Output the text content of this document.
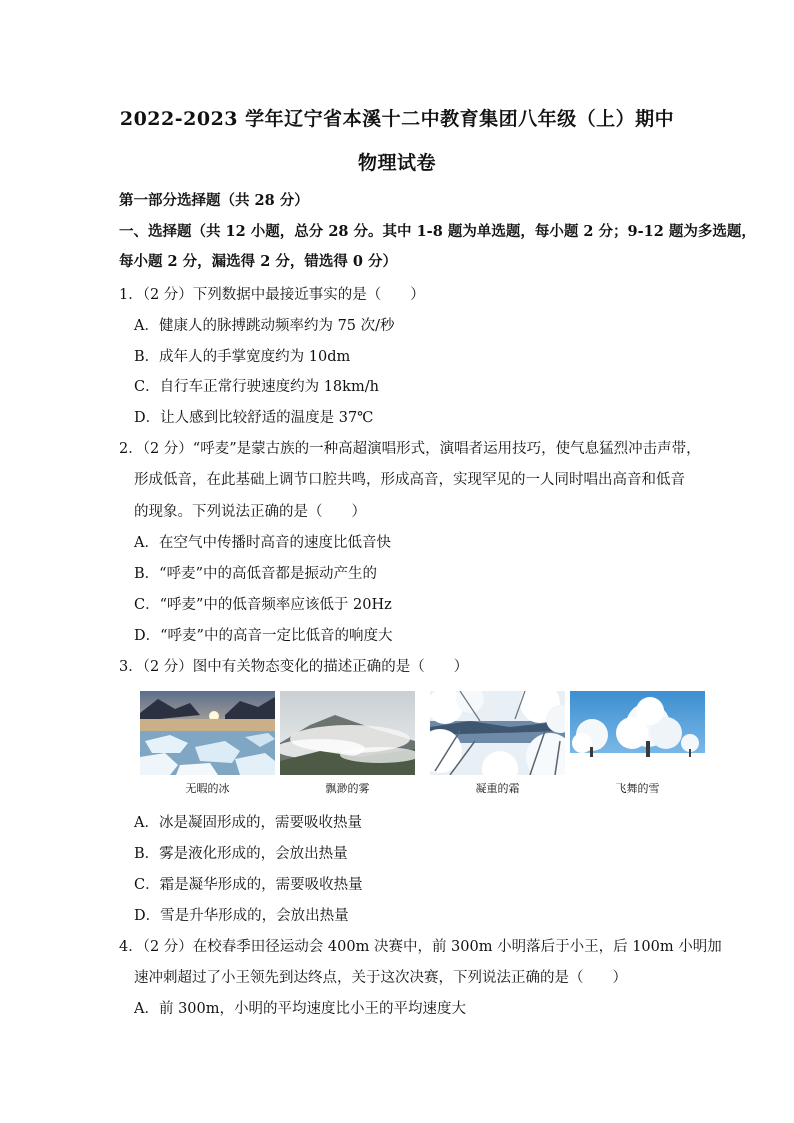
2022-2023 学年辽宁省本溪十二中教育集团八年级（上）期中
物理试卷
第一部分选择题（共 28 分）
一、选择题（共 12 小题，总分 28 分。其中 1-8 题为单选题，每小题 2 分；9-12 题为多选题，
每小题 2 分，漏选得 2 分，错选得 0 分）
1．（2 分）下列数据中最接近事实的是（　　）
A．健康人的脉搏跳动频率约为 75 次/秒
B．成年人的手掌宽度约为 10dm
C．自行车正常行驶速度约为 18km/h
D．让人感到比较舒适的温度是 37℃
2．（2 分）“呼麦”是蒙古族的一种高超演唱形式，演唱者运用技巧，使气息猛烈冲击声带，
形成低音，在此基础上调节口腔共鸣，形成高音，实现罕见的一人同时唱出高音和低音
的现象。下列说法正确的是（　　）
A．在空气中传播时高音的速度比低音快
B．“呼麦”中的高低音都是振动产生的
C．“呼麦”中的低音频率应该低于 20Hz
D．“呼麦”中的高音一定比低音的响度大
3．（2 分）图中有关物态变化的描述正确的是（　　）
无暇的冰	飘渺的雾	凝重的霜	飞舞的雪
A．冰是凝固形成的，需要吸收热量
B．雾是液化形成的，会放出热量
C．霜是凝华形成的，需要吸收热量
D．雪是升华形成的，会放出热量
4．（2 分）在校春季田径运动会 400m 决赛中，前 300m 小明落后于小王，后 100m 小明加
速冲刺超过了小王领先到达终点，关于这次决赛，下列说法正确的是（　　）
A．前 300m，小明的平均速度比小王的平均速度大
